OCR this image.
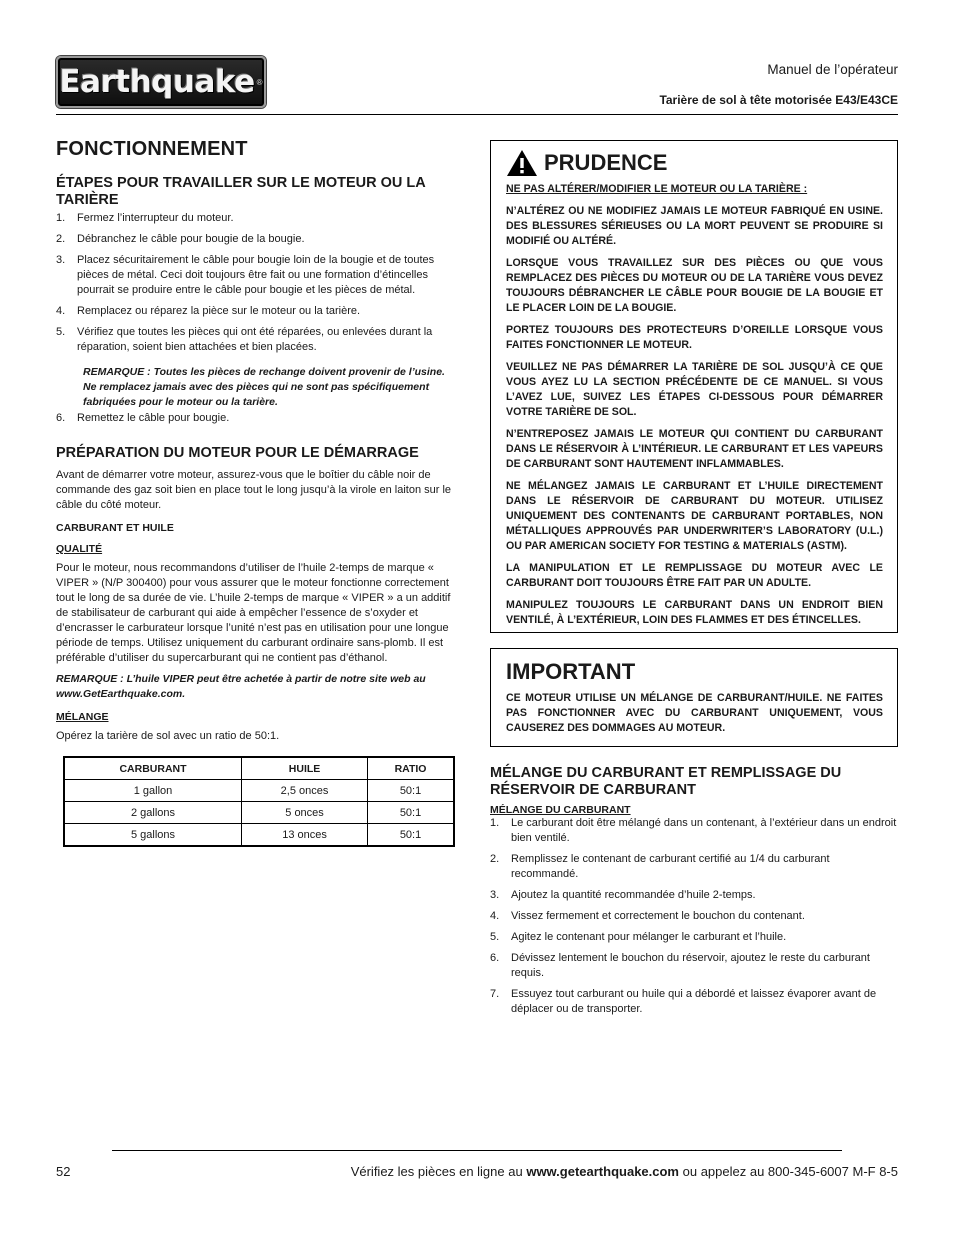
Earthquake ®
Manuel de l’opérateur
Tarière de sol à tête motorisée E43/E43CE
FONCTIONNEMENT
ÉTAPES POUR TRAVAILLER SUR LE MOTEUR OU LA TARIÈRE
1. Fermez l’interrupteur du moteur.
2. Débranchez le câble pour bougie de la bougie.
3. Placez sécuritairement le câble pour bougie loin de la bougie et de toutes pièces de métal. Ceci doit toujours être fait ou une formation d’étincelles pourrait se produire entre le câble pour bougie et les pièces de métal.
4. Remplacez ou réparez la pièce sur le moteur ou la tarière.
5. Vérifiez que toutes les pièces qui ont été réparées, ou enlevées durant la réparation, soient bien attachées et bien placées.
REMARQUE : Toutes les pièces de rechange doivent provenir de l’usine. Ne remplacez jamais avec des pièces qui ne sont pas spécifiquement fabriquées pour le moteur ou la tarière.
6. Remettez le câble pour bougie.
PRÉPARATION DU MOTEUR POUR LE DÉMARRAGE
Avant de démarrer votre moteur, assurez-vous que le boîtier du câble noir de commande des gaz soit bien en place tout le long jusqu’à la virole en laiton sur le câble du côté moteur.
CARBURANT ET HUILE
QUALITÉ
Pour le moteur, nous recommandons d’utiliser de l’huile 2-temps de marque « VIPER » (N/P 300400) pour vous assurer que le moteur fonctionne correctement tout le long de sa durée de vie. L’huile 2-temps de marque « VIPER » a un additif de stabilisateur de carburant qui aide à empêcher l’essence de s’oxyder et d’encrasser le carburateur lorsque l’unité n’est pas en utilisation pour une longue période de temps. Utilisez uniquement du carburant ordinaire sans-plomb. Il est préférable d’utiliser du supercarburant qui ne contient pas d’éthanol.
REMARQUE : L’huile VIPER peut être achetée à partir de notre site web au www.GetEarthquake.com.
MÉLANGE
Opérez la tarière de sol avec un ratio de 50:1.
CARBURANT	HUILE	RATIO
1 gallon	2,5 onces	50:1
2 gallons	5 onces	50:1
5 gallons	13 onces	50:1
PRUDENCE

NE PAS ALTÉRER/MODIFIER LE MOTEUR OU LA TARIÈRE :

N’ALTÉREZ OU NE MODIFIEZ JAMAIS LE MOTEUR FABRIQUÉ EN USINE. DES BLESSURES SÉRIEUSES OU LA MORT PEUVENT SE PRODUIRE SI MODIFIÉ OU ALTÉRÉ.

LORSQUE VOUS TRAVAILLEZ SUR DES PIÈCES OU QUE VOUS REMPLACEZ DES PIÈCES DU MOTEUR OU DE LA TARIÈRE VOUS DEVEZ TOUJOURS DÉBRANCHER LE CÂBLE POUR BOUGIE DE LA BOUGIE ET LE PLACER LOIN DE LA BOUGIE.

PORTEZ TOUJOURS DES PROTECTEURS D’OREILLE LORSQUE VOUS FAITES FONCTIONNER LE MOTEUR.

VEUILLEZ NE PAS DÉMARRER LA TARIÈRE DE SOL JUSQU’À CE QUE VOUS AYEZ LU LA SECTION PRÉCÉDENTE DE CE MANUEL. SI VOUS L’AVEZ LUE, SUIVEZ LES ÉTAPES CI-DESSOUS POUR DÉMARRER VOTRE TARIÈRE DE SOL.

N’ENTREPOSEZ JAMAIS LE MOTEUR QUI CONTIENT DU CARBURANT DANS LE RÉSERVOIR À L’INTÉRIEUR. LE CARBURANT ET LES VAPEURS DE CARBURANT SONT HAUTEMENT INFLAMMABLES.

NE MÉLANGEZ JAMAIS LE CARBURANT ET L’HUILE DIRECTEMENT DANS LE RÉSERVOIR DE CARBURANT DU MOTEUR. UTILISEZ UNIQUEMENT DES CONTENANTS DE CARBURANT PORTABLES, NON MÉTALLIQUES APPROUVÉS PAR UNDERWRITER’S LABORATORY (U.L.) OU PAR AMERICAN SOCIETY FOR TESTING & MATERIALS (ASTM).

LA MANIPULATION ET LE REMPLISSAGE DU MOTEUR AVEC LE CARBURANT DOIT TOUJOURS ÊTRE FAIT PAR UN ADULTE.

MANIPULEZ TOUJOURS LE CARBURANT DANS UN ENDROIT BIEN VENTILÉ, À L’EXTÉRIEUR, LOIN DES FLAMMES ET DES ÉTINCELLES.

IMPORTANT

CE MOTEUR UTILISE UN MÉLANGE DE CARBURANT/HUILE. NE FAITES PAS FONCTIONNER AVEC DU CARBURANT UNIQUEMENT, VOUS CAUSEREZ DES DOMMAGES AU MOTEUR.

MÉLANGE DU CARBURANT ET REMPLISSAGE DU RÉSERVOIR DE CARBURANT
MÉLANGE DU CARBURANT
1. Le carburant doit être mélangé dans un contenant, à l’extérieur dans un endroit bien ventilé.
2. Remplissez le contenant de carburant certifié au 1/4 du carburant recommandé.
3. Ajoutez la quantité recommandée d’huile 2-temps.
4. Vissez fermement et correctement le bouchon du contenant.
5. Agitez le contenant pour mélanger le carburant et l’huile.
6. Dévissez lentement le bouchon du réservoir, ajoutez le reste du carburant requis.
7. Essuyez tout carburant ou huile qui a débordé et laissez évaporer avant de déplacer ou de transporter.
52	Vérifiez les pièces en ligne au www.getearthquake.com ou appelez au 800-345-6007 M-F 8-5
